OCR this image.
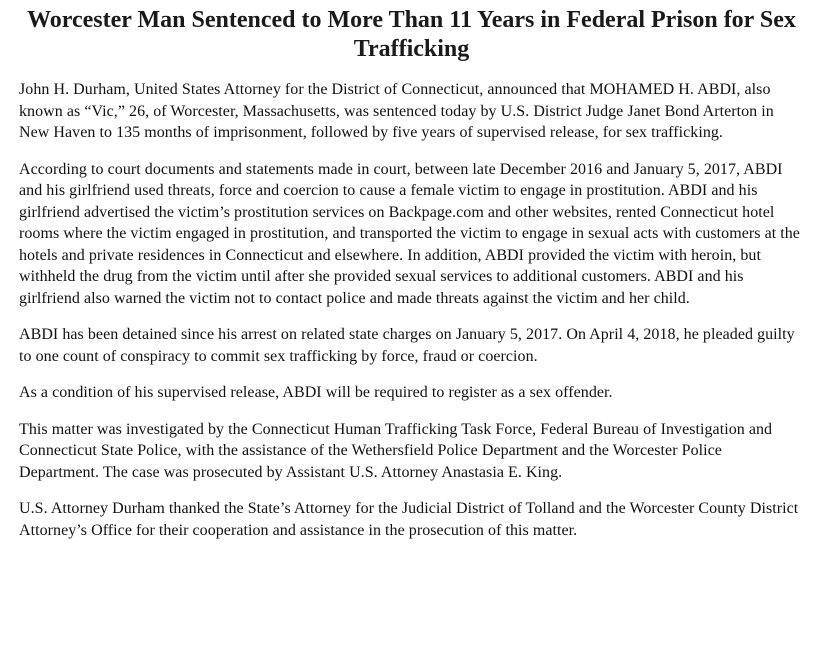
Worcester Man Sentenced to More Than 11 Years in Federal Prison for Sex Trafficking

John H. Durham, United States Attorney for the District of Connecticut, announced that MOHAMED H. ABDI, also known as “Vic,” 26, of Worcester, Massachusetts, was sentenced today by U.S. District Judge Janet Bond Arterton in New Haven to 135 months of imprisonment, followed by five years of supervised release, for sex trafficking.

According to court documents and statements made in court, between late December 2016 and January 5, 2017, ABDI and his girlfriend used threats, force and coercion to cause a female victim to engage in prostitution. ABDI and his girlfriend advertised the victim’s prostitution services on Backpage.com and other websites, rented Connecticut hotel rooms where the victim engaged in prostitution, and transported the victim to engage in sexual acts with customers at the hotels and private residences in Connecticut and elsewhere. In addition, ABDI provided the victim with heroin, but withheld the drug from the victim until after she provided sexual services to additional customers. ABDI and his girlfriend also warned the victim not to contact police and made threats against the victim and her child.

ABDI has been detained since his arrest on related state charges on January 5, 2017. On April 4, 2018, he pleaded guilty to one count of conspiracy to commit sex trafficking by force, fraud or coercion.

As a condition of his supervised release, ABDI will be required to register as a sex offender.

This matter was investigated by the Connecticut Human Trafficking Task Force, Federal Bureau of Investigation and Connecticut State Police, with the assistance of the Wethersfield Police Department and the Worcester Police Department. The case was prosecuted by Assistant U.S. Attorney Anastasia E. King.

U.S. Attorney Durham thanked the State’s Attorney for the Judicial District of Tolland and the Worcester County District Attorney’s Office for their cooperation and assistance in the prosecution of this matter.
